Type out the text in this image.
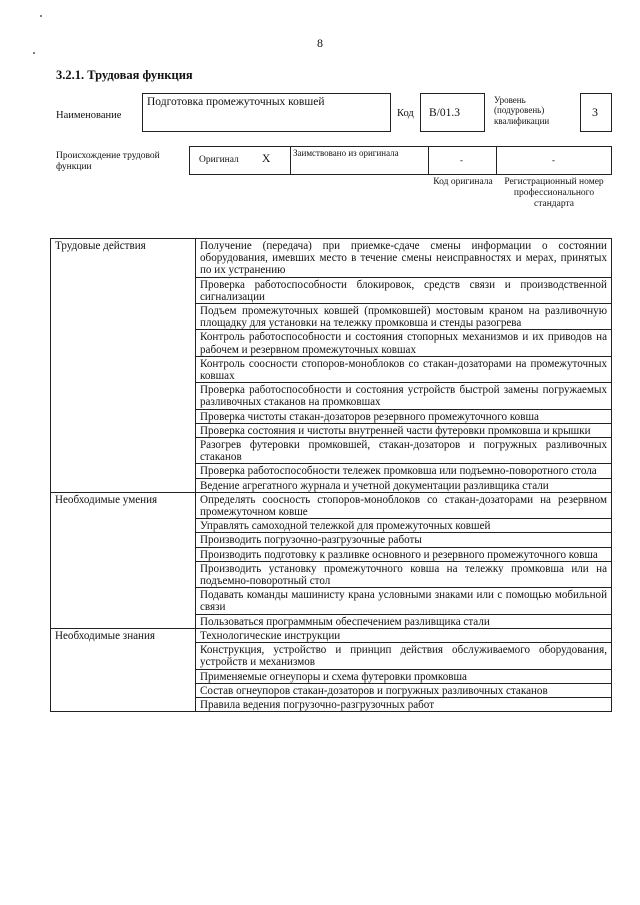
8
3.2.1. Трудовая функция
Наименование
Подготовка промежуточных ковшей
Код В/01.3
Уровень (подуровень) квалификации
3
Происхождение трудовой функции
Оригинал X	Заимствовано из оригинала
-	-
Код оригинала	Регистрационный номер профессионального стандарта
Трудовые действия	Получение (передача) при приемке-сдаче смены информации о состоянии оборудования, имевших место в течение смены неисправностях и мерах, принятых по их устранению
	Проверка работоспособности блокировок, средств связи и производственной сигнализации
	Подъем промежуточных ковшей (промковшей) мостовым краном на разливочную площадку для установки на тележку промковша и стенды разогрева
	Контроль работоспособности и состояния стопорных механизмов и их приводов на рабочем и резервном промежуточных ковшах
	Контроль соосности стопоров-моноблоков со стакан-дозаторами на промежуточных ковшах
	Проверка работоспособности и состояния устройств быстрой замены погружаемых разливочных стаканов на промковшах
	Проверка чистоты стакан-дозаторов резервного промежуточного ковша
	Проверка состояния и чистоты внутренней части футеровки промковша и крышки
	Разогрев футеровки промковшей, стакан-дозаторов и погружных разливочных стаканов
	Проверка работоспособности тележек промковша или подъемно-поворотного стола
	Ведение агрегатного журнала и учетной документации разливщика стали
Необходимые умения	Определять соосность стопоров-моноблоков со стакан-дозаторами на резервном промежуточном ковше
	Управлять самоходной тележкой для промежуточных ковшей
	Производить погрузочно-разгрузочные работы
	Производить подготовку к разливке основного и резервного промежуточного ковша
	Производить установку промежуточного ковша на тележку промковша или на подъемно-поворотный стол
	Подавать команды машинисту крана условными знаками или с помощью мобильной связи
	Пользоваться программным обеспечением разливщика стали
Необходимые знания	Технологические инструкции
	Конструкция, устройство и принцип действия обслуживаемого оборудования, устройств и механизмов
	Применяемые огнеупоры и схема футеровки промковша
	Состав огнеупоров стакан-дозаторов и погружных разливочных стаканов
	Правила ведения погрузочно-разгрузочных работ
